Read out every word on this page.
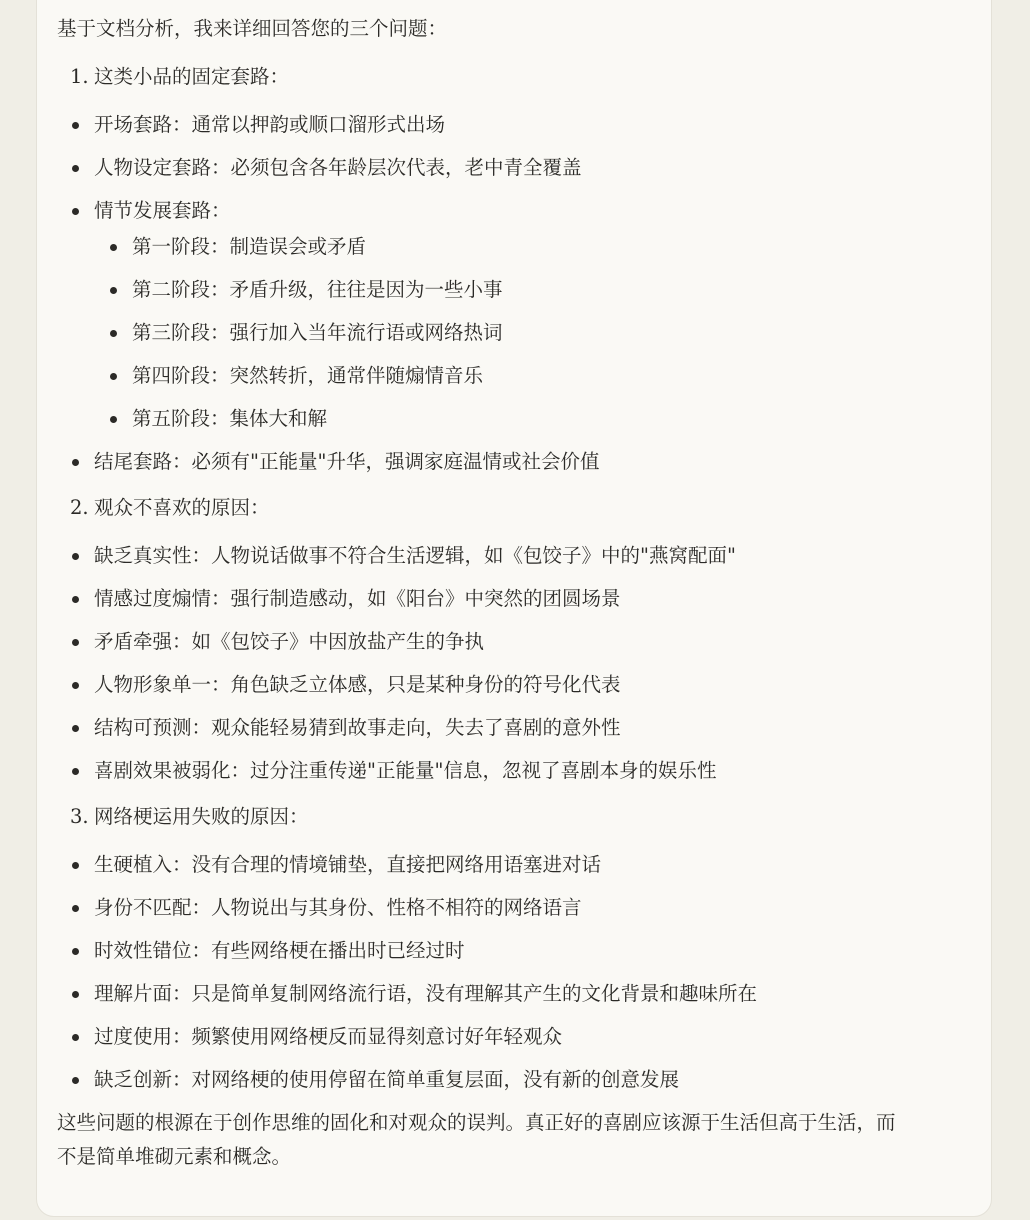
基于文档分析，我来详细回答您的三个问题：

1. 这类小品的固定套路：
开场套路：通常以押韵或顺口溜形式出场
人物设定套路：必须包含各年龄层次代表，老中青全覆盖
情节发展套路：
第一阶段：制造误会或矛盾
第二阶段：矛盾升级，往往是因为一些小事
第三阶段：强行加入当年流行语或网络热词
第四阶段：突然转折，通常伴随煽情音乐
第五阶段：集体大和解
结尾套路：必须有"正能量"升华，强调家庭温情或社会价值
2. 观众不喜欢的原因：
缺乏真实性：人物说话做事不符合生活逻辑，如《包饺子》中的"燕窝配面"
情感过度煽情：强行制造感动，如《阳台》中突然的团圆场景
矛盾牵强：如《包饺子》中因放盐产生的争执
人物形象单一：角色缺乏立体感，只是某种身份的符号化代表
结构可预测：观众能轻易猜到故事走向，失去了喜剧的意外性
喜剧效果被弱化：过分注重传递"正能量"信息，忽视了喜剧本身的娱乐性
3. 网络梗运用失败的原因：
生硬植入：没有合理的情境铺垫，直接把网络用语塞进对话
身份不匹配：人物说出与其身份、性格不相符的网络语言
时效性错位：有些网络梗在播出时已经过时
理解片面：只是简单复制网络流行语，没有理解其产生的文化背景和趣味所在
过度使用：频繁使用网络梗反而显得刻意讨好年轻观众
缺乏创新：对网络梗的使用停留在简单重复层面，没有新的创意发展

这些问题的根源在于创作思维的固化和对观众的误判。真正好的喜剧应该源于生活但高于生活，而不是简单堆砌元素和概念。
